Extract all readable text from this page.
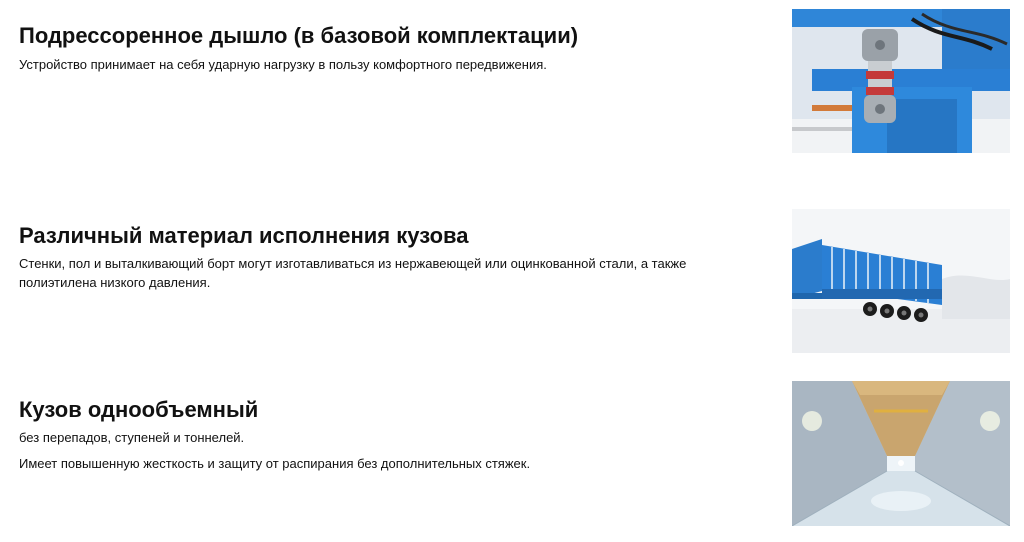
Подрессоренное дышло (в базовой комплектации)

Устройство принимает на себя ударную нагрузку в пользу комфортного передвижения.

Различный материал исполнения кузова

Стенки, пол и выталкивающий борт могут изготавливаться из нержавеющей или оцинкованной стали, а также полиэтилена низкого давления.

Кузов однообъемный

без перепадов, ступеней и тоннелей.

Имеет повышенную жесткость и защиту от распирания без дополнительных стяжек.
